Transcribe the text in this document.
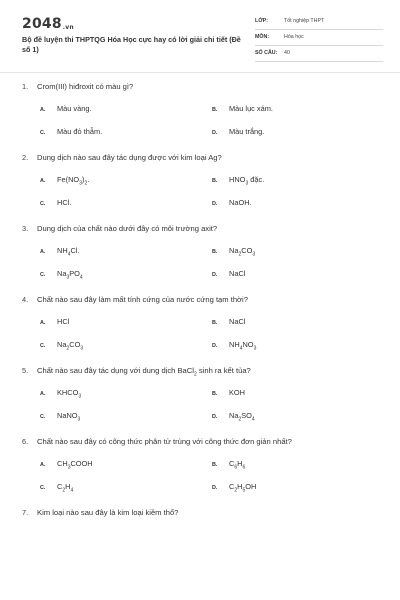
$2048_{.vn}$
Bộ đề luyện thi THPTQG Hóa Học cực hay có lời giải chi tiết (Đề số 1)
LỚP:	Tốt nghiệp THPT
MÔN:	Hóa học
SỐ CÂU: 40
1. Crom(III) hiđroxit có màu gì?
A. Màu vàng.	B. Màu lục xám.
C. Màu đỏ thẫm.	D. Màu trắng.
2. Dung dịch nào sau đây tác dụng được với kim loại Ag?
A. $Fe(NO_3)_2$.	B. $HNO_3$ đặc.
C. HCl.	D. NaOH.
3. Dung dịch của chất nào dưới đây có môi trường axit?
A. $NH_4Cl$.	B. $Na_2CO_3$
C. $Na_3PO_4$	D. NaCl
4. Chất nào sau đây làm mất tính cứng của nước cứng tạm thời?
A. HCl	B. NaCl
C. $Na_2CO_3$	D. $NH_4NO_3$
5. Chất nào sau đây tác dụng với dung dịch BaCl$_2$ sinh ra kết tủa?
A. $KHCO_3$	B. KOH
C. NaNO$_3$	D. $Na_2SO_4$
6. Chất nào sau đây có công thức phân tử trùng với công thức đơn giản nhất?
A. $CH_3COOH$	B. $C_6H_6$
C. $C_2H_4$	D. $C_2H_5OH$
7. Kim loại nào sau đây là kim loại kiềm thổ?
